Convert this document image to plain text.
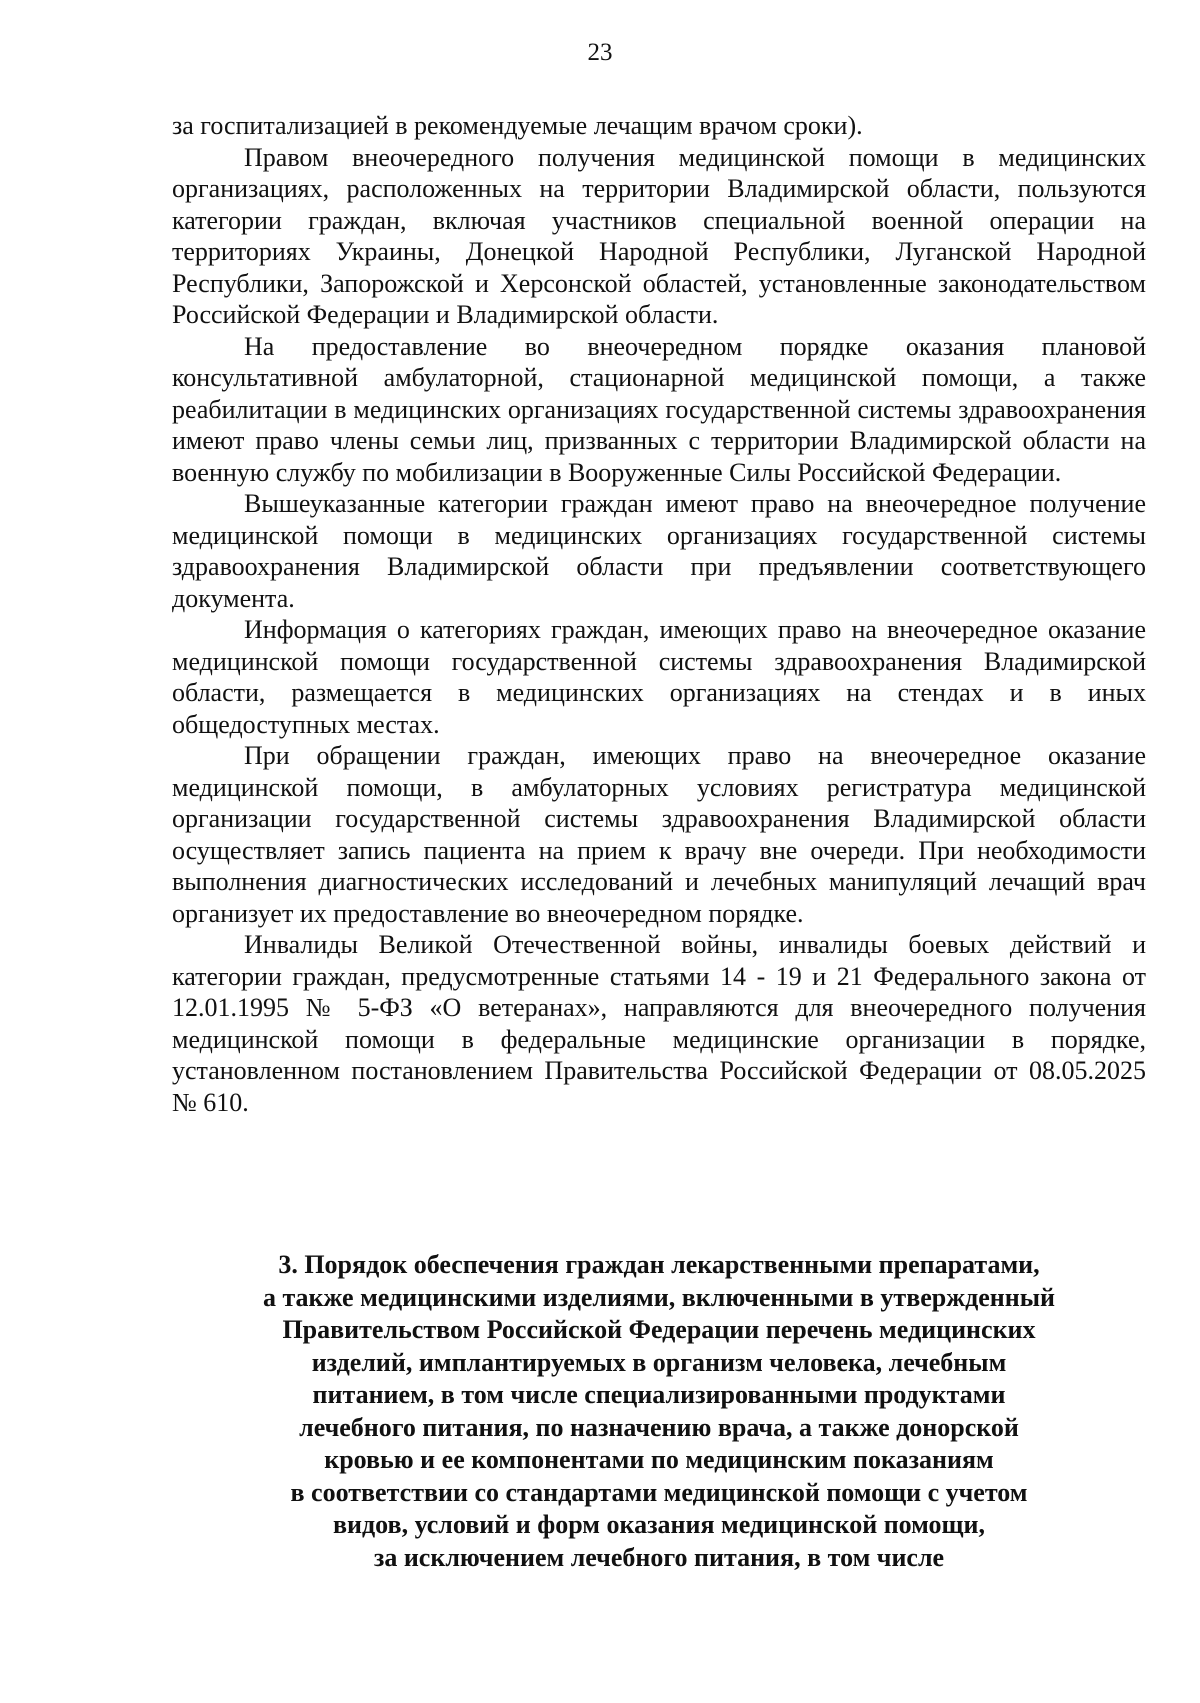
23

за госпитализацией в рекомендуемые лечащим врачом сроки).

Правом внеочередного получения медицинской помощи в медицинских организациях, расположенных на территории Владимирской области, пользуются категории граждан, включая участников специальной военной операции на территориях Украины, Донецкой Народной Республики, Луганской Народной Республики, Запорожской и Херсонской областей, установленные законодательством Российской Федерации и Владимирской области.

На предоставление во внеочередном порядке оказания плановой консультативной амбулаторной, стационарной медицинской помощи, а также реабилитации в медицинских организациях государственной системы здравоохранения имеют право члены семьи лиц, призванных с территории Владимирской области на военную службу по мобилизации в Вооруженные Силы Российской Федерации.

Вышеуказанные категории граждан имеют право на внеочередное получение медицинской помощи в медицинских организациях государственной системы здравоохранения Владимирской области при предъявлении соответствующего документа.

Информация о категориях граждан, имеющих право на внеочередное оказание медицинской помощи государственной системы здравоохранения Владимирской области, размещается в медицинских организациях на стендах и в иных общедоступных местах.

При обращении граждан, имеющих право на внеочередное оказание медицинской помощи, в амбулаторных условиях регистратура медицинской организации государственной системы здравоохранения Владимирской области осуществляет запись пациента на прием к врачу вне очереди. При необходимости выполнения диагностических исследований и лечебных манипуляций лечащий врач организует их предоставление во внеочередном порядке.

Инвалиды Великой Отечественной войны, инвалиды боевых действий и категории граждан, предусмотренные статьями 14 - 19 и 21 Федерального закона от 12.01.1995 № 5-ФЗ «О ветеранах», направляются для внеочередного получения медицинской помощи в федеральные медицинские организации в порядке, установленном постановлением Правительства Российской Федерации от 08.05.2025 № 610.

3. Порядок обеспечения граждан лекарственными препаратами,
а также медицинскими изделиями, включенными в утвержденный
Правительством Российской Федерации перечень медицинских
изделий, имплантируемых в организм человека, лечебным
питанием, в том числе специализированными продуктами
лечебного питания, по назначению врача, а также донорской
кровью и ее компонентами по медицинским показаниям
в соответствии со стандартами медицинской помощи с учетом
видов, условий и форм оказания медицинской помощи,
за исключением лечебного питания, в том числе
